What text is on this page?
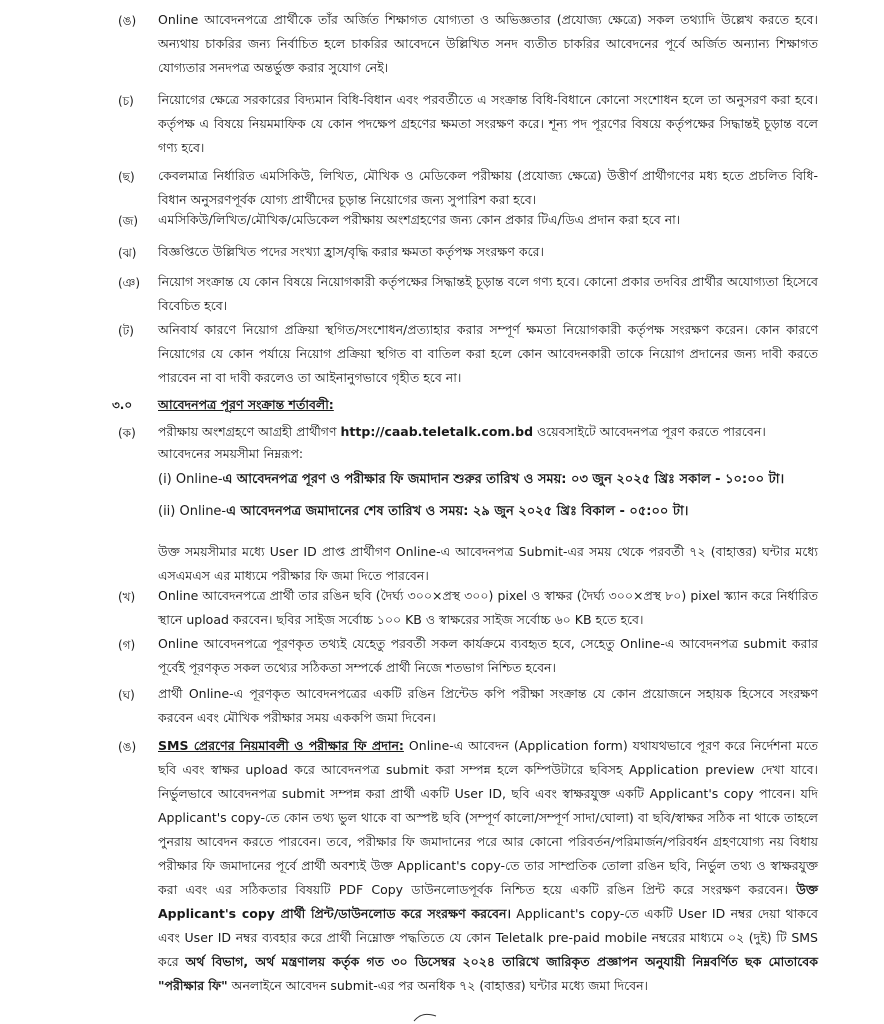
(ঙ) Online আবেদনপত্রে প্রার্থীকে তাঁর অর্জিত শিক্ষাগত যোগ্যতা ও অভিজ্ঞতার (প্রযোজ্য ক্ষেত্রে) সকল তথ্যাদি উল্লেখ করতে হবে। অন্যথায় চাকরির জন্য নির্বাচিত হলে চাকরির আবেদনে উল্লিখিত সনদ ব্যতীত চাকরির আবেদনের পূর্বে অর্জিত অন্যান্য শিক্ষাগত যোগ্যতার সনদপত্র অন্তর্ভুক্ত করার সুযোগ নেই।
(চ) নিয়োগের ক্ষেত্রে সরকারের বিদ্যমান বিধি-বিধান এবং পরবর্তীতে এ সংক্রান্ত বিধি-বিধানে কোনো সংশোধন হলে তা অনুসরণ করা হবে। কর্তৃপক্ষ এ বিষয়ে নিয়মমাফিক যে কোন পদক্ষেপ গ্রহণের ক্ষমতা সংরক্ষণ করে। শূন্য পদ পূরণের বিষয়ে কর্তৃপক্ষের সিদ্ধান্তই চূড়ান্ত বলে গণ্য হবে।
(ছ) কেবলমাত্র নির্ধারিত এমসিকিউ, লিখিত, মৌখিক ও মেডিকেল পরীক্ষায় (প্রযোজ্য ক্ষেত্রে) উত্তীর্ণ প্রার্থীগণের মধ্য হতে প্রচলিত বিধি-বিধান অনুসরণপূর্বক যোগ্য প্রার্থীদের চূড়ান্ত নিয়োগের জন্য সুপারিশ করা হবে।
(জ) এমসিকিউ/লিখিত/মৌখিক/মেডিকেল পরীক্ষায় অংশগ্রহণের জন্য কোন প্রকার টিএ/ডিএ প্রদান করা হবে না।
(ঝ) বিজ্ঞপ্তিতে উল্লিখিত পদের সংখ্যা হ্রাস/বৃদ্ধি করার ক্ষমতা কর্তৃপক্ষ সংরক্ষণ করে।
(ঞ) নিয়োগ সংক্রান্ত যে কোন বিষয়ে নিয়োগকারী কর্তৃপক্ষের সিদ্ধান্তই চূড়ান্ত বলে গণ্য হবে। কোনো প্রকার তদবির প্রার্থীর অযোগ্যতা হিসেবে বিবেচিত হবে।
(ট) অনিবার্য কারণে নিয়োগ প্রক্রিয়া স্থগিত/সংশোধন/প্রত্যাহার করার সম্পূর্ণ ক্ষমতা নিয়োগকারী কর্তৃপক্ষ সংরক্ষণ করেন। কোন কারণে নিয়োগের যে কোন পর্যায়ে নিয়োগ প্রক্রিয়া স্থগিত বা বাতিল করা হলে কোন আবেদনকারী তাকে নিয়োগ প্রদানের জন্য দাবী করতে পারবেন না বা দাবী করলেও তা আইনানুগভাবে গৃহীত হবে না।
৩.০ আবেদনপত্র পূরণ সংক্রান্ত শর্তাবলী:
(ক) পরীক্ষায় অংশগ্রহণে আগ্রহী প্রার্থীগণ http://caab.teletalk.com.bd ওয়েবসাইটে আবেদনপত্র পূরণ করতে পারবেন।
আবেদনের সময়সীমা নিম্নরূপ:
(i) Online-এ আবেদনপত্র পূরণ ও পরীক্ষার ফি জমাদান শুরুর তারিখ ও সময়: ০৩ জুন ২০২৫ খ্রিঃ সকাল - ১০:০০ টা।
(ii) Online-এ আবেদনপত্র জমাদানের শেষ তারিখ ও সময়: ২৯ জুন ২০২৫ খ্রিঃ বিকাল - ০৫:০০ টা।
উক্ত সময়সীমার মধ্যে User ID প্রাপ্ত প্রার্থীগণ Online-এ আবেদনপত্র Submit-এর সময় থেকে পরবর্তী ৭২ (বাহাত্তর) ঘন্টার মধ্যে এসএমএস এর মাধ্যমে পরীক্ষার ফি জমা দিতে পারবেন।
(খ) Online আবেদনপত্রে প্রার্থী তার রঙিন ছবি (দৈর্ঘ্য ৩০০×প্রস্থ ৩০০) pixel ও স্বাক্ষর (দৈর্ঘ্য ৩০০×প্রস্থ ৮০) pixel স্ক্যান করে নির্ধারিত স্থানে upload করবেন। ছবির সাইজ সর্বোচ্চ ১০০ KB ও স্বাক্ষরের সাইজ সর্বোচ্চ ৬০ KB হতে হবে।
(গ) Online আবেদনপত্রে পূরণকৃত তথ্যই যেহেতু পরবর্তী সকল কার্যক্রমে ব্যবহৃত হবে, সেহেতু Online-এ আবেদনপত্র submit করার পূর্বেই পূরণকৃত সকল তথ্যের সঠিকতা সম্পর্কে প্রার্থী নিজে শতভাগ নিশ্চিত হবেন।
(ঘ) প্রার্থী Online-এ পূরণকৃত আবেদনপত্রের একটি রঙিন প্রিন্টেড কপি পরীক্ষা সংক্রান্ত যে কোন প্রয়োজনে সহায়ক হিসেবে সংরক্ষণ করবেন এবং মৌখিক পরীক্ষার সময় এককপি জমা দিবেন।
(ঙ) SMS প্রেরণের নিয়মাবলী ও পরীক্ষার ফি প্রদান: Online-এ আবেদন (Application form) যথাযথভাবে পূরণ করে নির্দেশনা মতে ছবি এবং স্বাক্ষর upload করে আবেদনপত্র submit করা সম্পন্ন হলে কম্পিউটারে ছবিসহ Application preview দেখা যাবে। নির্ভুলভাবে আবেদনপত্র submit সম্পন্ন করা প্রার্থী একটি User ID, ছবি এবং স্বাক্ষরযুক্ত একটি Applicant's copy পাবেন। যদি Applicant's copy-তে কোন তথ্য ভুল থাকে বা অস্পষ্ট ছবি (সম্পূর্ণ কালো/সম্পূর্ণ সাদা/ঘোলা) বা ছবি/স্বাক্ষর সঠিক না থাকে তাহলে পুনরায় আবেদন করতে পারবেন। তবে, পরীক্ষার ফি জমাদানের পরে আর কোনো পরিবর্তন/পরিমার্জন/পরিবর্ধন গ্রহণযোগ্য নয় বিধায় পরীক্ষার ফি জমাদানের পূর্বে প্রার্থী অবশ্যই উক্ত Applicant's copy-তে তার সাম্প্রতিক তোলা রঙিন ছবি, নির্ভুল তথ্য ও স্বাক্ষরযুক্ত করা এবং এর সঠিকতার বিষয়টি PDF Copy ডাউনলোডপূর্বক নিশ্চিত হয়ে একটি রঙিন প্রিন্ট করে সংরক্ষণ করবেন। উক্ত Applicant's copy প্রার্থী প্রিন্ট/ডাউনলোড করে সংরক্ষণ করবেন। Applicant's copy-তে একটি User ID নম্বর দেয়া থাকবে এবং User ID নম্বর ব্যবহার করে প্রার্থী নিম্নোক্ত পদ্ধতিতে যে কোন Teletalk pre-paid mobile নম্বরের মাধ্যমে ০২ (দুই) টি SMS করে অর্থ বিভাগ, অর্থ মন্ত্রণালয় কর্তৃক গত ৩০ ডিসেম্বর ২০২৪ তারিখে জারিকৃত প্রজ্ঞাপন অনুযায়ী নিম্নবর্ণিত ছক মোতাবেক "পরীক্ষার ফি" অনলাইনে আবেদন submit-এর পর অনধিক ৭২ (বাহাত্তর) ঘন্টার মধ্যে জমা দিবেন।
